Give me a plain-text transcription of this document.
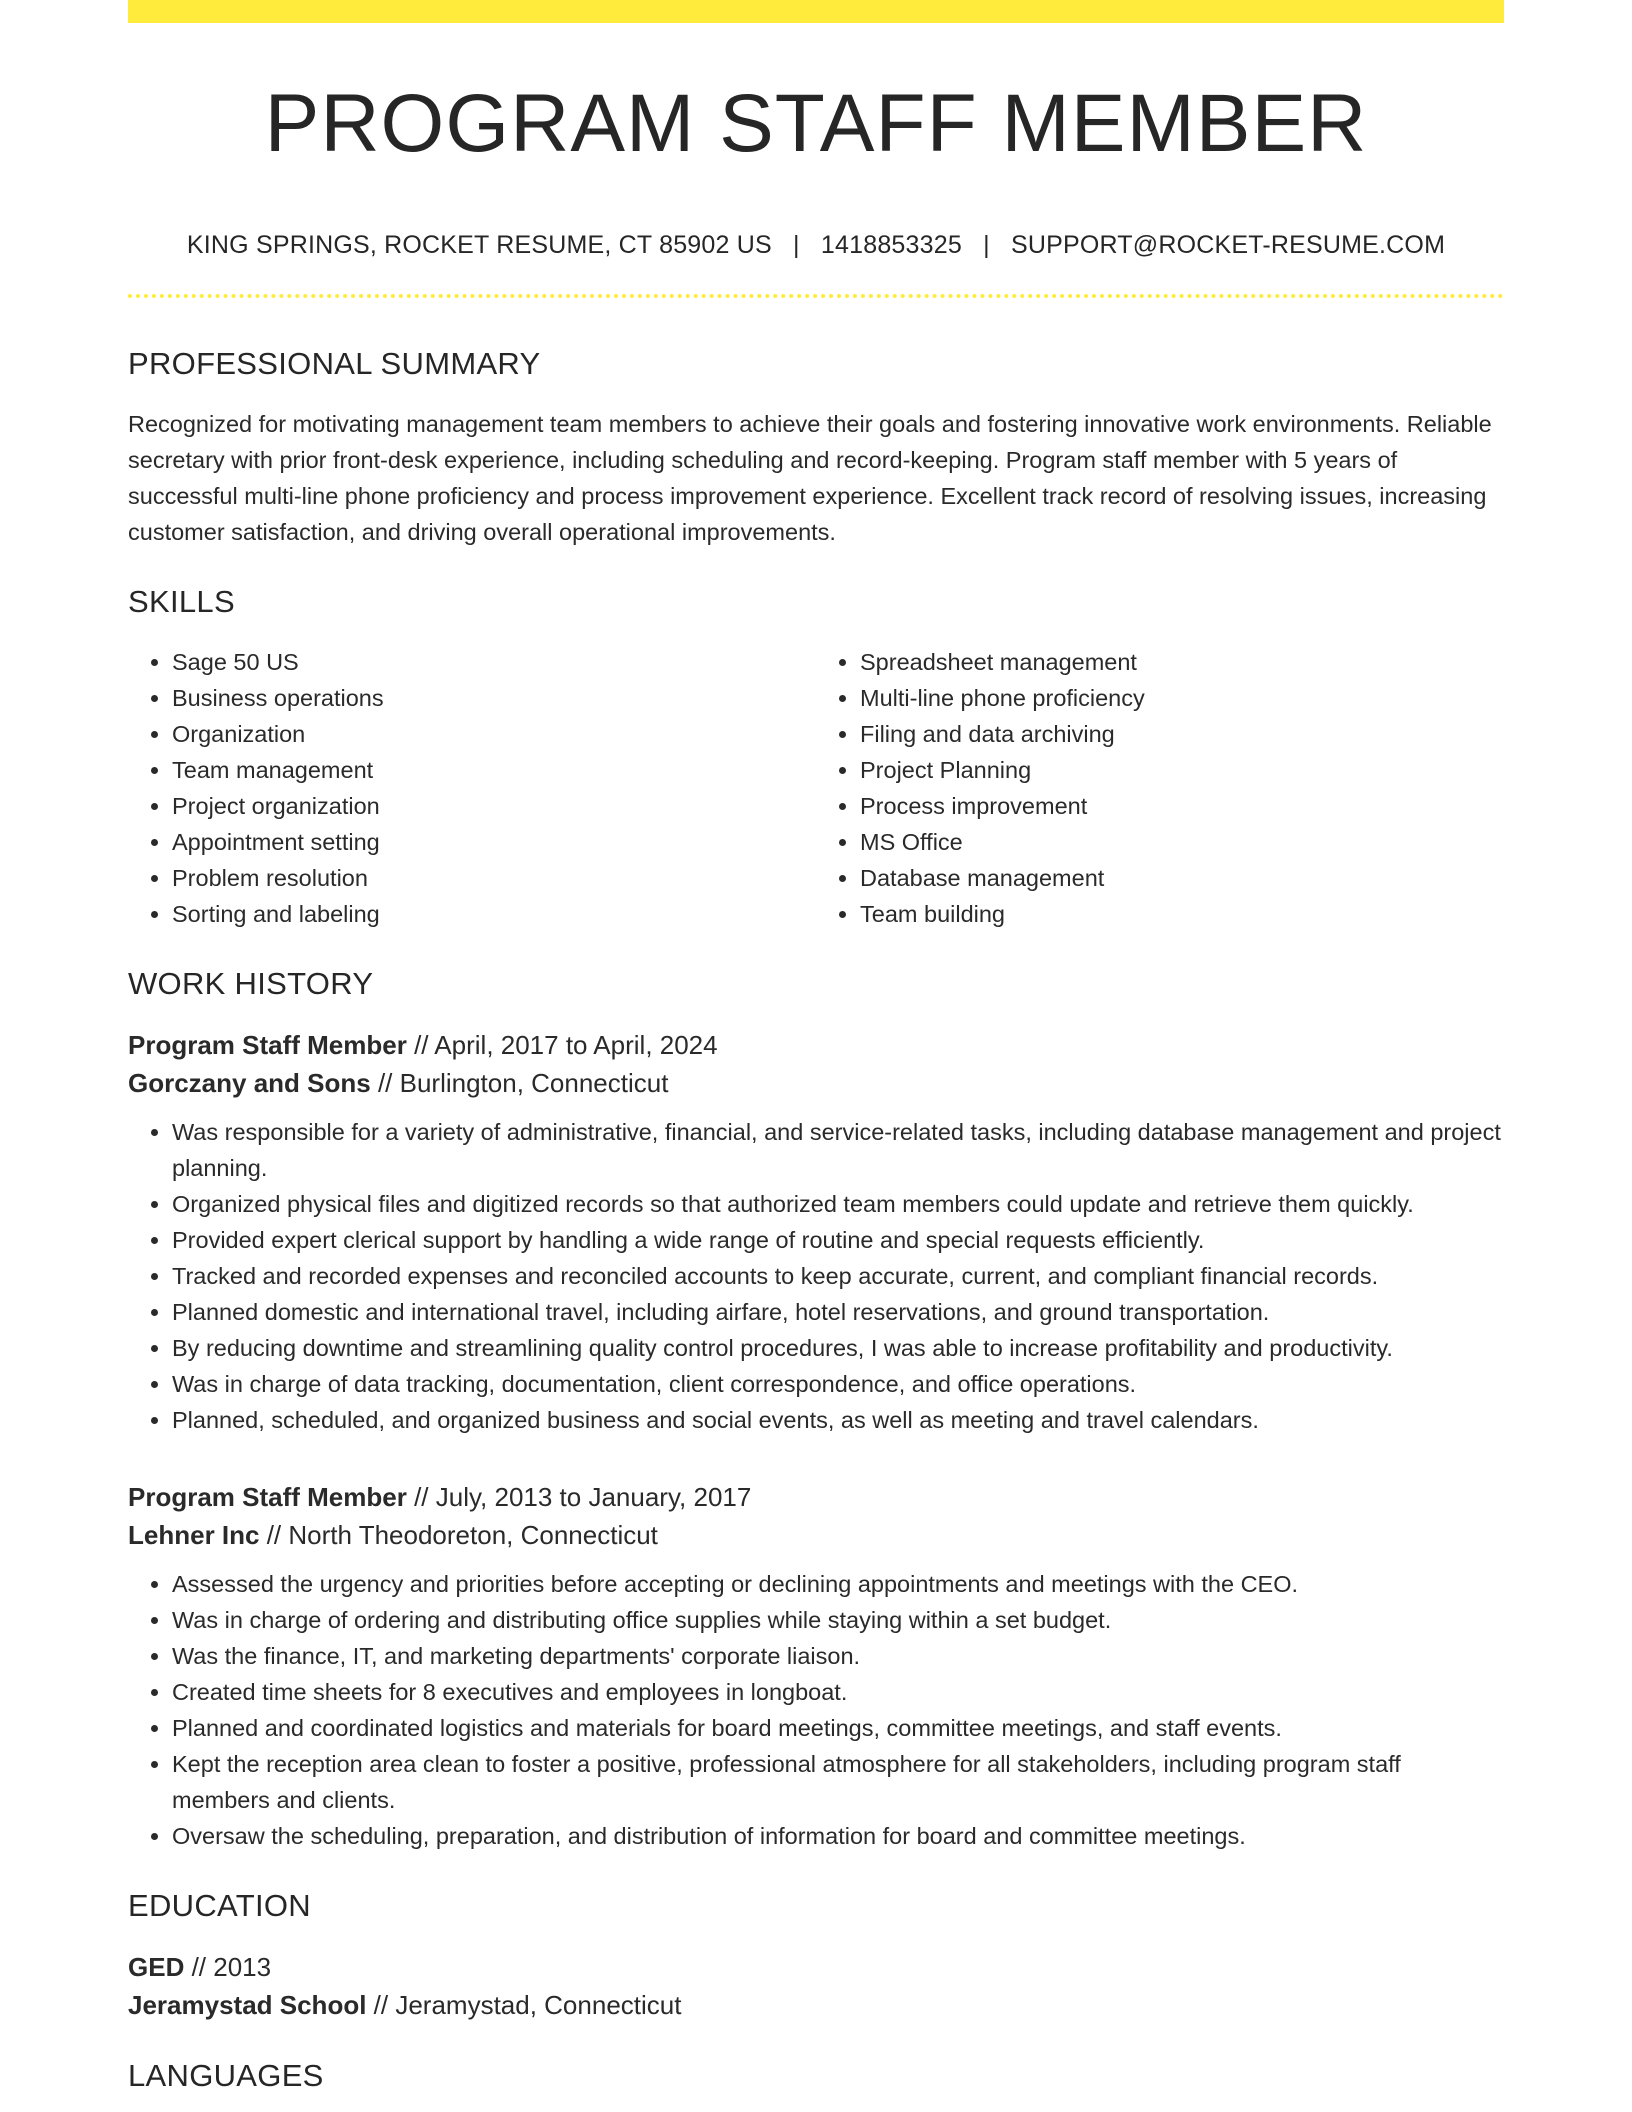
PROGRAM STAFF MEMBER
KING SPRINGS, ROCKET RESUME, CT 85902 US | 1418853325 | SUPPORT@ROCKET-RESUME.COM
PROFESSIONAL SUMMARY
Recognized for motivating management team members to achieve their goals and fostering innovative work environments. Reliable secretary with prior front-desk experience, including scheduling and record-keeping. Program staff member with 5 years of successful multi-line phone proficiency and process improvement experience. Excellent track record of resolving issues, increasing customer satisfaction, and driving overall operational improvements.
SKILLS
• Sage 50 US
• Business operations
• Organization
• Team management
• Project organization
• Appointment setting
• Problem resolution
• Sorting and labeling
• Spreadsheet management
• Multi-line phone proficiency
• Filing and data archiving
• Project Planning
• Process improvement
• MS Office
• Database management
• Team building
WORK HISTORY
Program Staff Member // April, 2017 to April, 2024
Gorczany and Sons // Burlington, Connecticut
• Was responsible for a variety of administrative, financial, and service-related tasks, including database management and project planning.
• Organized physical files and digitized records so that authorized team members could update and retrieve them quickly.
• Provided expert clerical support by handling a wide range of routine and special requests efficiently.
• Tracked and recorded expenses and reconciled accounts to keep accurate, current, and compliant financial records.
• Planned domestic and international travel, including airfare, hotel reservations, and ground transportation.
• By reducing downtime and streamlining quality control procedures, I was able to increase profitability and productivity.
• Was in charge of data tracking, documentation, client correspondence, and office operations.
• Planned, scheduled, and organized business and social events, as well as meeting and travel calendars.
Program Staff Member // July, 2013 to January, 2017
Lehner Inc // North Theodoreton, Connecticut
• Assessed the urgency and priorities before accepting or declining appointments and meetings with the CEO.
• Was in charge of ordering and distributing office supplies while staying within a set budget.
• Was the finance, IT, and marketing departments' corporate liaison.
• Created time sheets for 8 executives and employees in longboat.
• Planned and coordinated logistics and materials for board meetings, committee meetings, and staff events.
• Kept the reception area clean to foster a positive, professional atmosphere for all stakeholders, including program staff members and clients.
• Oversaw the scheduling, preparation, and distribution of information for board and committee meetings.
EDUCATION
GED // 2013
Jeramystad School // Jeramystad, Connecticut
LANGUAGES
